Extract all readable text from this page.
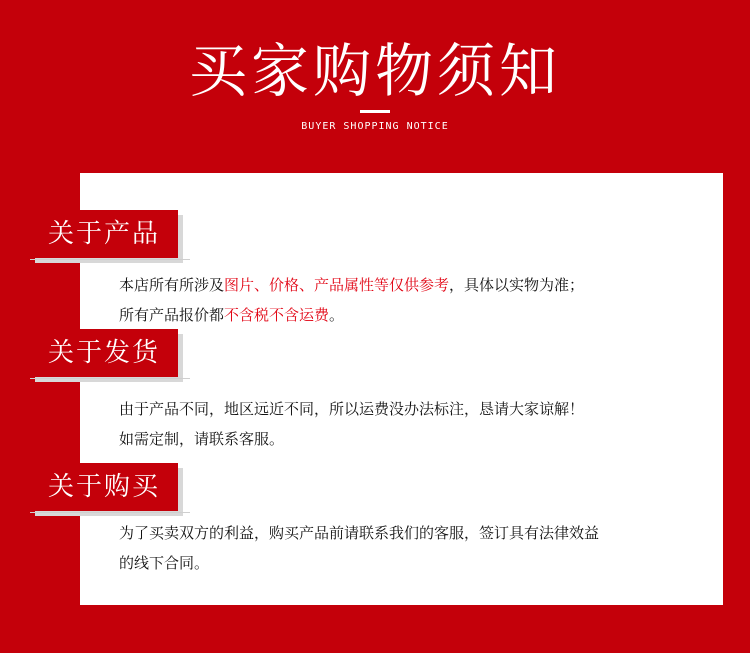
买家购物须知
BUYER SHOPPING NOTICE
关于产品
本店所有所涉及图片、价格、产品属性等仅供参考，具体以实物为准；
所有产品报价都不含税不含运费。
关于发货
由于产品不同，地区远近不同，所以运费没办法标注，恳请大家谅解！
如需定制，请联系客服。
关于购买
为了买卖双方的利益，购买产品前请联系我们的客服，签订具有法律效益
的线下合同。
